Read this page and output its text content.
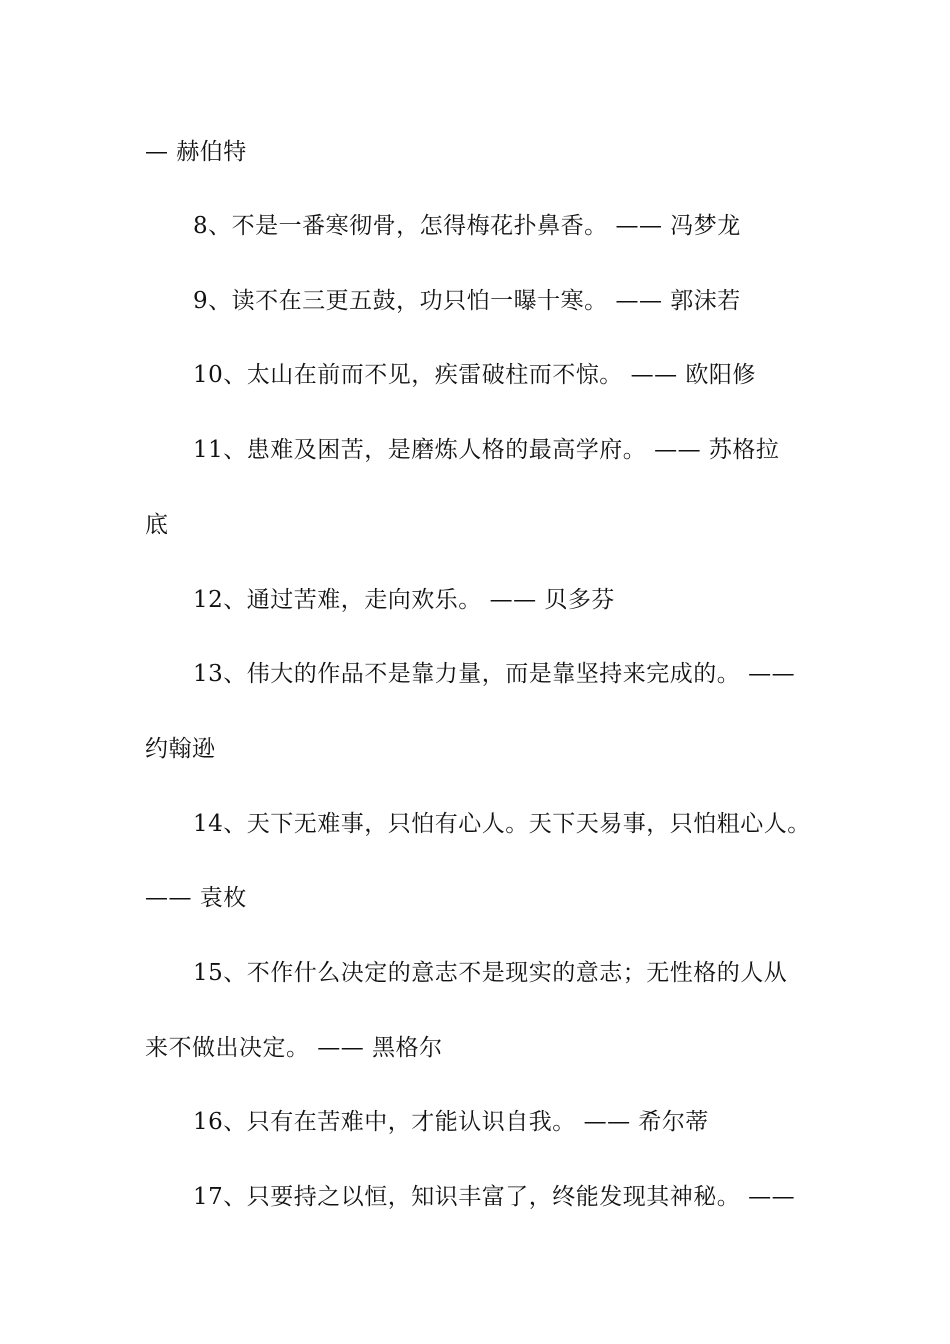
— 赫伯特
8、不是一番寒彻骨，怎得梅花扑鼻香。 —— 冯梦龙
9、读不在三更五鼓，功只怕一曝十寒。 —— 郭沫若
10、太山在前而不见，疾雷破柱而不惊。 —— 欧阳修
11、患难及困苦，是磨炼人格的最高学府。 —— 苏格拉
底
12、通过苦难，走向欢乐。 —— 贝多芬
13、伟大的作品不是靠力量，而是靠坚持来完成的。 ——
约翰逊
14、天下无难事，只怕有心人。天下天易事，只怕粗心人。
—— 袁枚
15、不作什么决定的意志不是现实的意志；无性格的人从
来不做出决定。 —— 黑格尔
16、只有在苦难中，才能认识自我。 —— 希尔蒂
17、只要持之以恒，知识丰富了，终能发现其神秘。 ——
